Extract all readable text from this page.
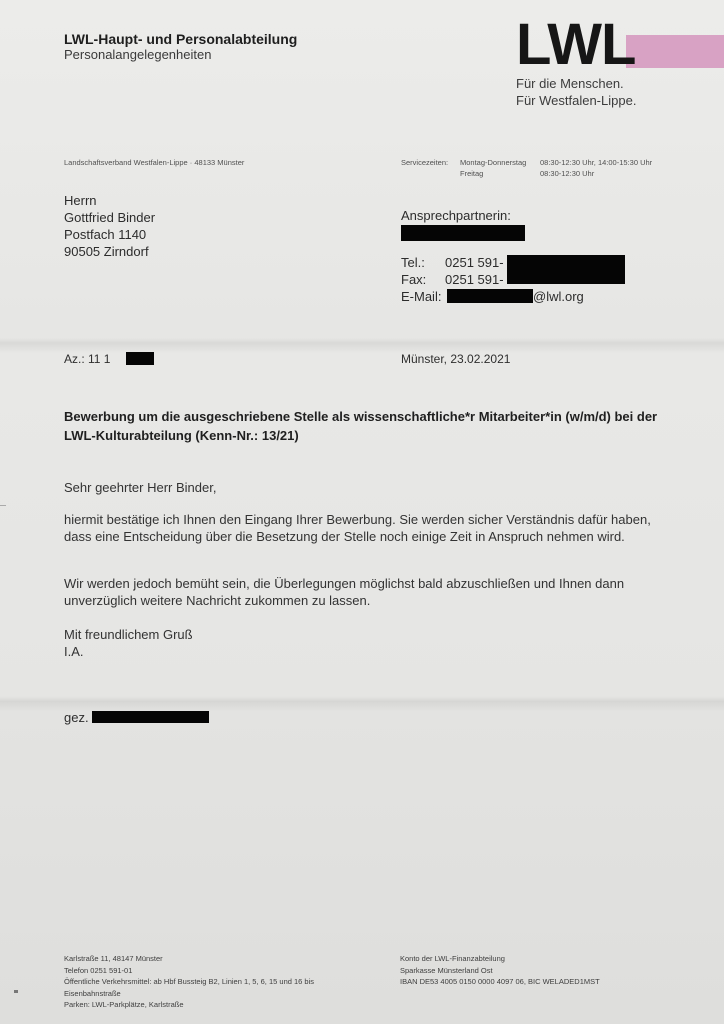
LWL-Haupt- und Personalabteilung
Personalangelegenheiten	LWL
Für die Menschen.
Für Westfalen-Lippe.
Landschaftsverband Westfalen-Lippe · 48133 Münster	Servicezeiten: Montag-Donnerstag 08:30-12:30 Uhr, 14:00-15:30 Uhr
Freitag	08:30-12:30 Uhr
Herrn
Gottfried Binder
Postfach 1140
90505 Zirndorf
Ansprechpartnerin:
Tel.: 0251 591-
Fax: 0251 591-
E-Mail:	@lwl.org
Az.: 11 1	Münster, 23.02.2021
Bewerbung um die ausgeschriebene Stelle als wissenschaftliche*r Mitarbeiter*in (w/m/d) bei der LWL-Kulturabteilung (Kenn-Nr.: 13/21)
Sehr geehrter Herr Binder,
hiermit bestätige ich Ihnen den Eingang Ihrer Bewerbung. Sie werden sicher Verständnis dafür haben, dass eine Entscheidung über die Besetzung der Stelle noch einige Zeit in Anspruch nehmen wird.
Wir werden jedoch bemüht sein, die Überlegungen möglichst bald abzuschließen und Ihnen dann unverzüglich weitere Nachricht zukommen zu lassen.
Mit freundlichem Gruß
I.A.
gez.
Karlstraße 11, 48147 Münster
Telefon 0251 591-01
Öffentliche Verkehrsmittel: ab Hbf Bussteig B2, Linien 1, 5, 6, 15 und 16 bis
Eisenbahnstraße
Parken: LWL-Parkplätze, Karlstraße
Konto der LWL-Finanzabteilung
Sparkasse Münsterland Ost
IBAN DE53 4005 0150 0000 4097 06, BIC WELADED1MST
